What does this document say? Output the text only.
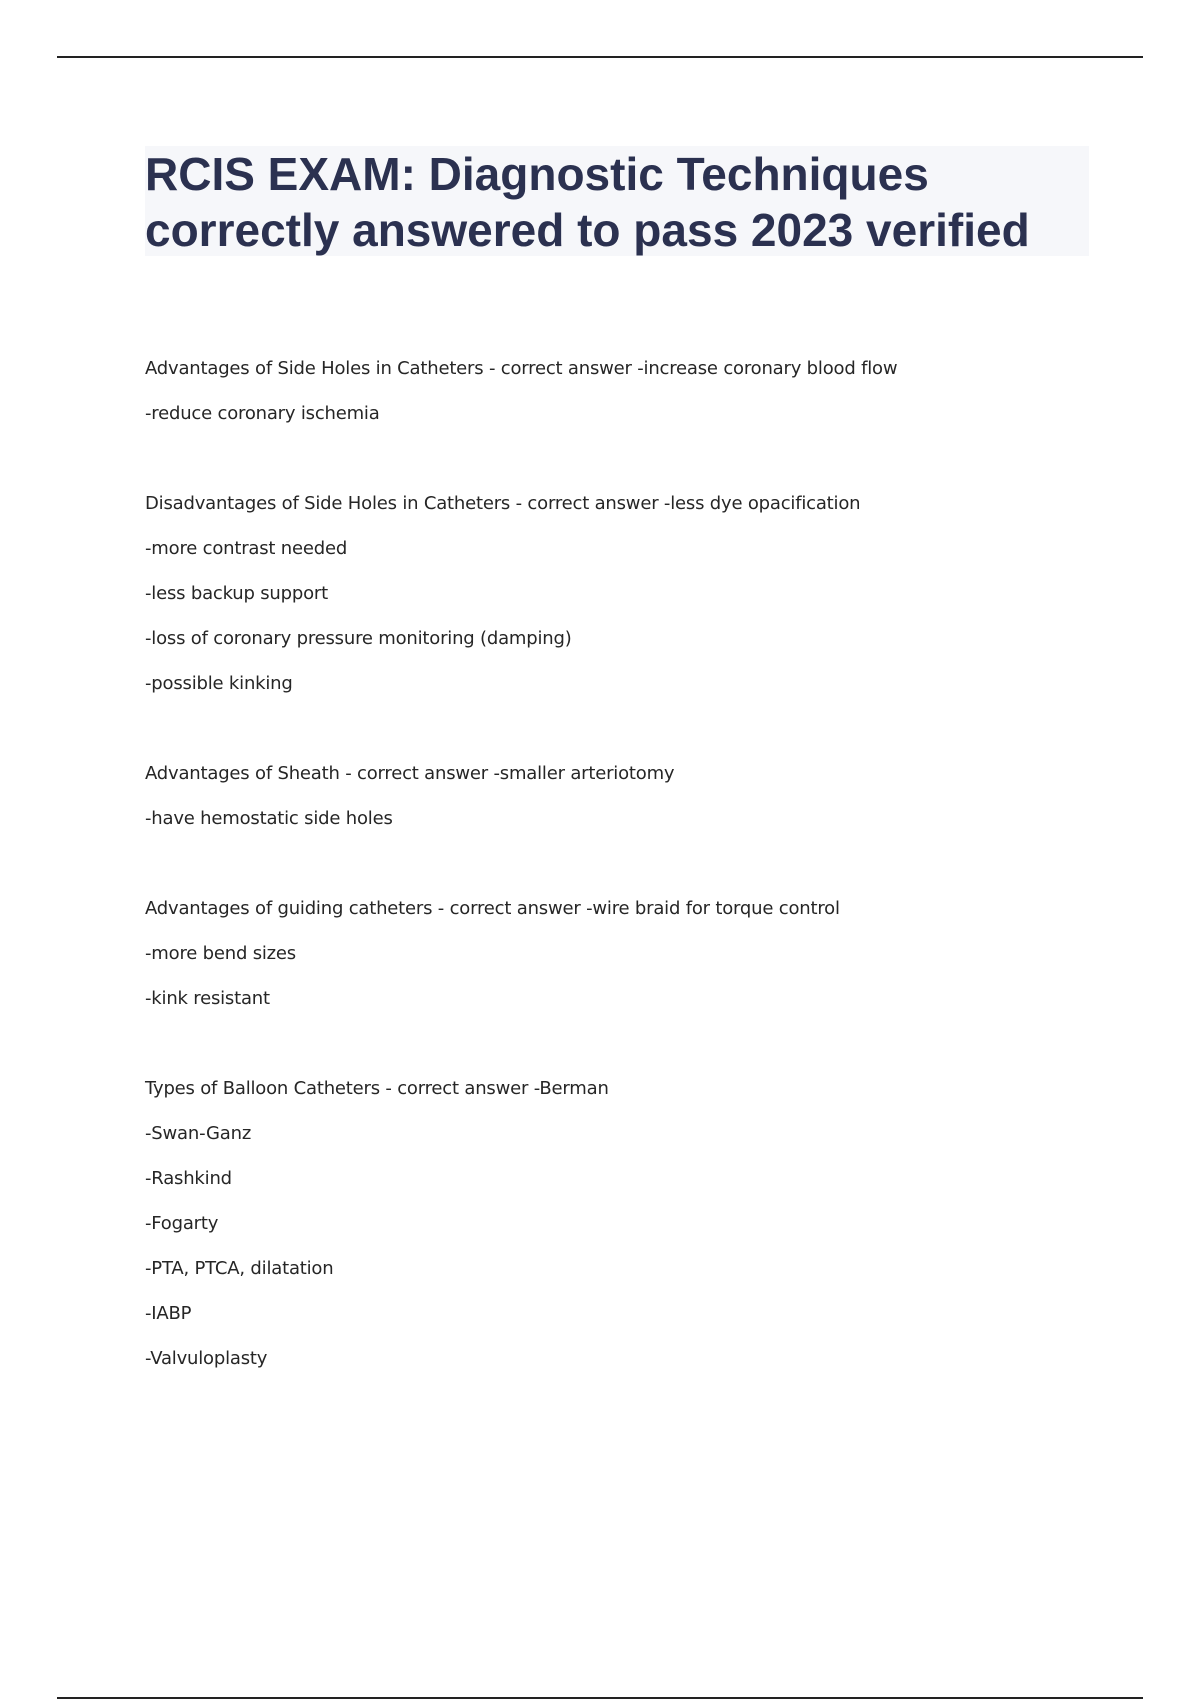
RCIS EXAM: Diagnostic Techniques
correctly answered to pass 2023 verified
Advantages of Side Holes in Catheters - correct answer -increase coronary blood flow
-reduce coronary ischemia
Disadvantages of Side Holes in Catheters - correct answer -less dye opacification
-more contrast needed
-less backup support
-loss of coronary pressure monitoring (damping)
-possible kinking
Advantages of Sheath - correct answer -smaller arteriotomy
-have hemostatic side holes
Advantages of guiding catheters - correct answer -wire braid for torque control
-more bend sizes
-kink resistant
Types of Balloon Catheters - correct answer -Berman
-Swan-Ganz
-Rashkind
-Fogarty
-PTA, PTCA, dilatation
-IABP
-Valvuloplasty
